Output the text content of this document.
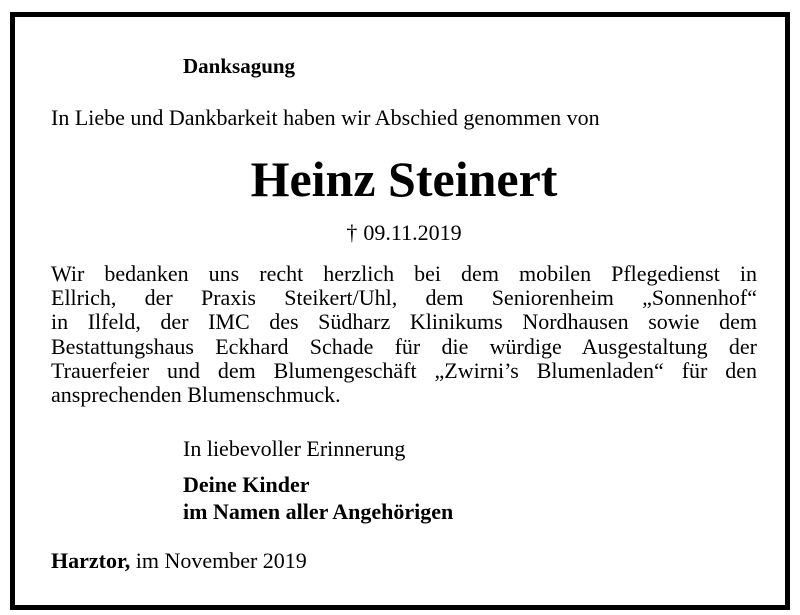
Danksagung
In Liebe und Dankbarkeit haben wir Abschied genommen von
Heinz Steinert
† 09.11.2019
Wir bedanken uns recht herzlich bei dem mobilen Pflegedienst in
Ellrich, der Praxis Steikert/Uhl, dem Seniorenheim „Sonnenhof“
in Ilfeld, der IMC des Südharz Klinikums Nordhausen sowie dem
Bestattungshaus Eckhard Schade für die würdige Ausgestaltung der
Trauerfeier und dem Blumengeschäft „Zwirni’s Blumenladen“ für den
ansprechenden Blumenschmuck.
In liebevoller Erinnerung
Deine Kinder
im Namen aller Angehörigen
Harztor, im November 2019
